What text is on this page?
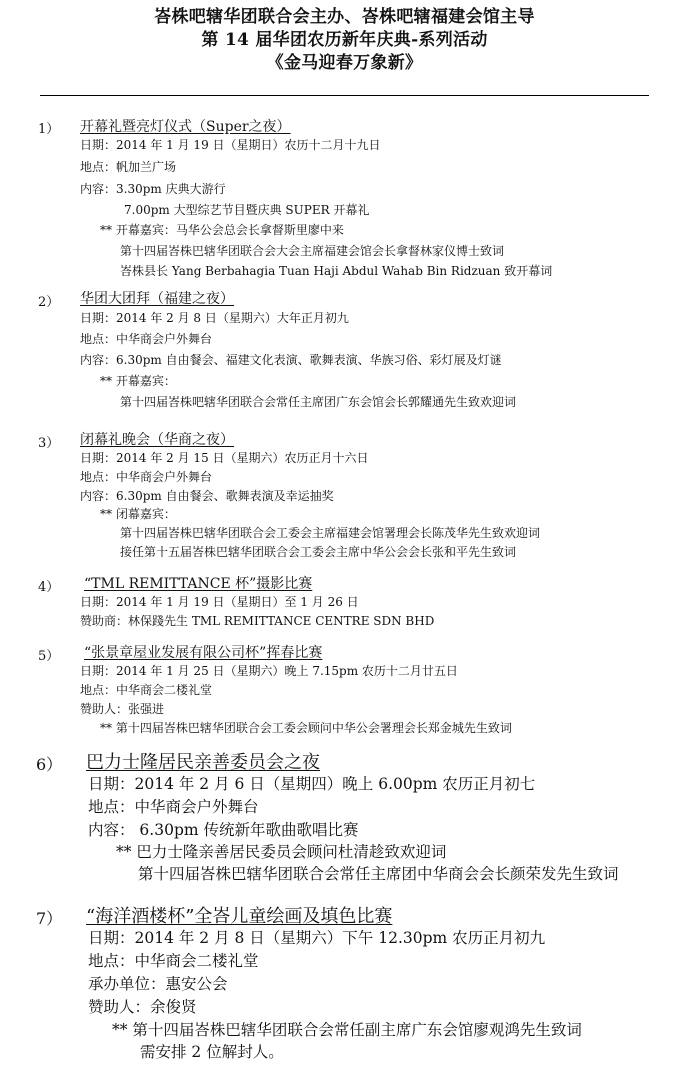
峇株吧辖华团联合会主办、峇株吧辖福建会馆主导
第 14 届华团农历新年庆典-系列活动
《金马迎春万象新》
1） 开幕礼暨亮灯仪式（Super之夜）
日期：2014 年 1 月 19 日（星期日）农历十二月十九日
地点：帆加兰广场
内容：3.30pm 庆典大游行
7.00pm 大型综艺节目暨庆典 SUPER 开幕礼
** 开幕嘉宾：马华公会总会长拿督斯里廖中来
第十四届峇株巴辖华团联合会大会主席福建会馆会长拿督林家仪博士致词
峇株县长 Yang Berbahagia Tuan Haji Abdul Wahab Bin Ridzuan 致开幕词
2） 华团大团拜（福建之夜）
日期：2014 年 2 月 8 日（星期六）大年正月初九
地点：中华商会户外舞台
内容：6.30pm 自由餐会、福建文化表演、歌舞表演、华族习俗、彩灯展及灯谜
** 开幕嘉宾：
第十四届峇株吧辖华团联合会常任主席团广东会馆会长郭耀通先生致欢迎词
3） 闭幕礼晚会（华商之夜）
日期：2014 年 2 月 15 日（星期六）农历正月十六日
地点：中华商会户外舞台
内容：6.30pm 自由餐会、歌舞表演及幸运抽奖
** 闭幕嘉宾：
第十四届峇株巴辖华团联合会工委会主席福建会馆署理会长陈茂华先生致欢迎词
接任第十五届峇株巴辖华团联合会工委会主席中华公会会长张和平先生致词
4） “TML REMITTANCE 杯”摄影比赛
日期：2014 年 1 月 19 日（星期日）至 1 月 26 日
赞助商：林保踐先生 TML REMITTANCE CENTRE SDN BHD
5） “张景章屋业发展有限公司杯”挥春比赛
日期：2014 年 1 月 25 日（星期六）晚上 7.15pm 农历十二月廿五日
地点：中华商会二楼礼堂
赞助人：张强进
** 第十四届峇株巴辖华团联合会工委会顾问中华公会署理会长郑金城先生致词
6） 巴力士隆居民亲善委员会之夜
日期：2014 年 2 月 6 日（星期四）晚上 6.00pm 农历正月初七
地点：中华商会户外舞台
内容： 6.30pm 传统新年歌曲歌唱比赛
** 巴力士隆亲善居民委员会顾问杜清趁致欢迎词
第十四届峇株巴辖华团联合会常任主席团中华商会会长颜荣发先生致词
7） “海洋酒楼杯”全峇儿童绘画及填色比赛
日期：2014 年 2 月 8 日（星期六）下午 12.30pm 农历正月初九
地点：中华商会二楼礼堂
承办单位：惠安公会
赞助人：余俊贤
** 第十四届峇株巴辖华团联合会常任副主席广东会馆廖观鸿先生致词
需安排 2 位解封人。
